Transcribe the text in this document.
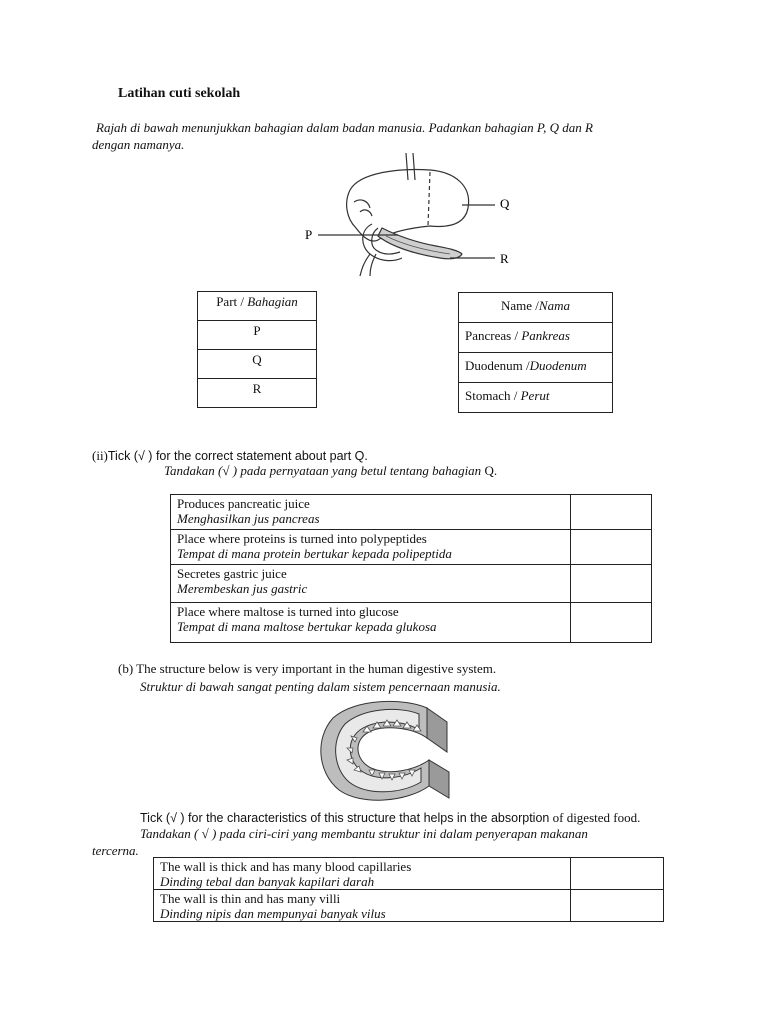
Latihan cuti sekolah
Rajah di bawah menunjukkan bahagian dalam badan manusia. Padankan bahagian P, Q dan R
dengan namanya.
P
Q
R
Part / Bahagian
P
Q
R
Name /Nama
Pancreas / Pankreas
Duodenum /Duodenum
Stomach / Perut
(ii)Tick (√ ) for the correct statement about part Q.
Tandakan (√ ) pada pernyataan yang betul tentang bahagian Q.
Produces pancreatic juice
Menghasilkan jus pancreas	

Place where proteins is turned into polypeptides
Tempat di mana protein bertukar kepada polipeptida	

Secretes gastric juice
Merembeskan jus gastric	

Place where maltose is turned into glucose
Tempat di mana maltose bertukar kepada glukosa	

(b) The structure below is very important in the human digestive system.
Struktur di bawah sangat penting dalam sistem pencernaan manusia.
Tick (√ ) for the characteristics of this structure that helps in the absorption of digested food.
Tandakan ( √ ) pada ciri-ciri yang membantu struktur ini dalam penyerapan makanan
tercerna.
The wall is thick and has many blood capillaries
Dinding tebal dan banyak kapilari darah	

The wall is thin and has many villi
Dinding nipis dan mempunyai banyak vilus	
